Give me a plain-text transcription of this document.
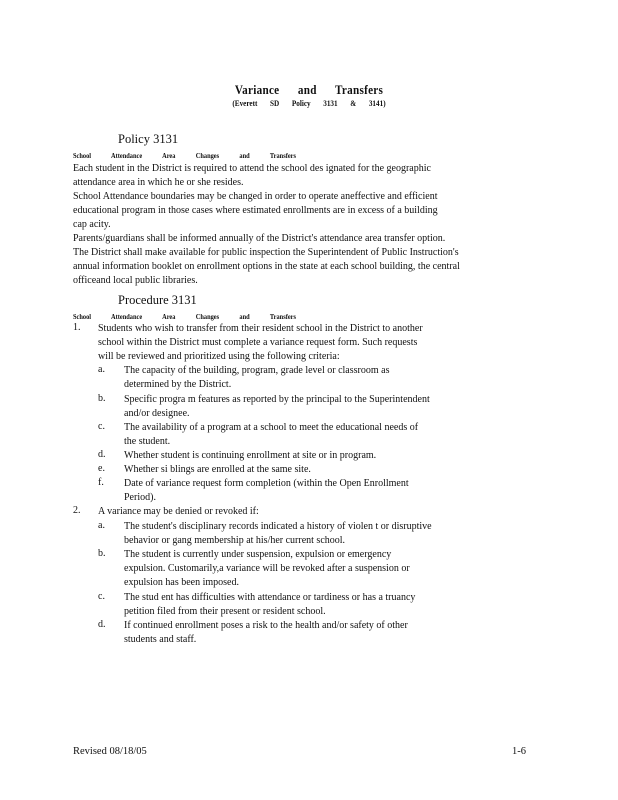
Variance and Transfers
(Everett SD Policy 3131 & 3141)
Policy 3131
School Attendance Area Changes and Transfers
Each student in the District is required to attend the school des ignated for the geographic
attendance area in which he or she resides.
School Attendance boundaries may be changed in order to operate aneffective and efficient
educational program in those cases where estimated enrollments are in excess of a building
cap acity.
Parents/guardians shall be informed annually of the District's attendance area transfer option.
The District shall make available for public inspection the Superintendent of Public Instruction's
annual information booklet on enrollment options in the state at each school building, the central
officeand local public libraries.
Procedure 3131
School Attendance Area Changes and Transfers
1. Students who wish to transfer from their resident school in the District to another
school within the District must complete a variance request form. Such requests
will be reviewed and prioritized using the following criteria:
a. The capacity of the building, program, grade level or classroom as
determined by the District.
b. Specific progra m features as reported by the principal to the Superintendent
and/or designee.
c. The availability of a program at a school to meet the educational needs of
the student.
d. Whether student is continuing enrollment at site or in program.
e. Whether si blings are enrolled at the same site.
f. Date of variance request form completion (within the Open Enrollment
Period).
2. A variance may be denied or revoked if:
a. The student's disciplinary records indicated a history of violen t or disruptive
behavior or gang membership at his/her current school.
b. The student is currently under suspension, expulsion or emergency
expulsion. Customarily,a variance will be revoked after a suspension or
expulsion has been imposed.
c. The stud ent has difficulties with attendance or tardiness or has a truancy
petition filed from their present or resident school.
d. If continued enrollment poses a risk to the health and/or safety of other
students and staff.
Revised 08/18/05	1-6
